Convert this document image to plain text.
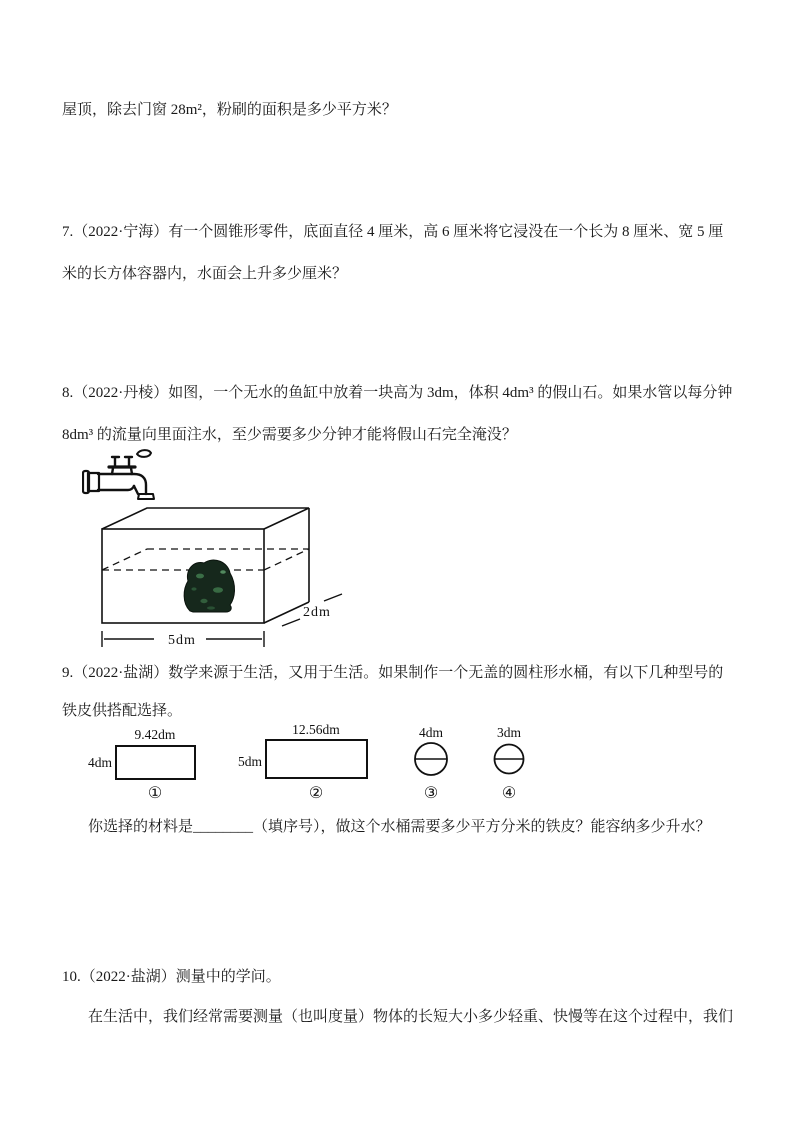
屋顶，除去门窗 28m²，粉刷的面积是多少平方米？
7.（2022·宁海）有一个圆锥形零件，底面直径 4 厘米，高 6 厘米将它浸没在一个长为 8 厘米、宽 5 厘
米的长方体容器内，水面会上升多少厘米？
8.（2022·丹棱）如图，一个无水的鱼缸中放着一块高为 3dm，体积 4dm³ 的假山石。如果水管以每分钟
8dm³ 的流量向里面注水，至少需要多少分钟才能将假山石完全淹没？
2dm
5dm
9.（2022·盐湖）数学来源于生活，又用于生活。如果制作一个无盖的圆柱形水桶，有以下几种型号的
铁皮供搭配选择。
9.42dm
4dm
①
12.56dm
5dm
②
4dm
③
3dm
④
你选择的材料是________（填序号），做这个水桶需要多少平方分米的铁皮？能容纳多少升水？
10.（2022·盐湖）测量中的学问。
在生活中，我们经常需要测量（也叫度量）物体的长短大小多少轻重、快慢等在这个过程中，我们
